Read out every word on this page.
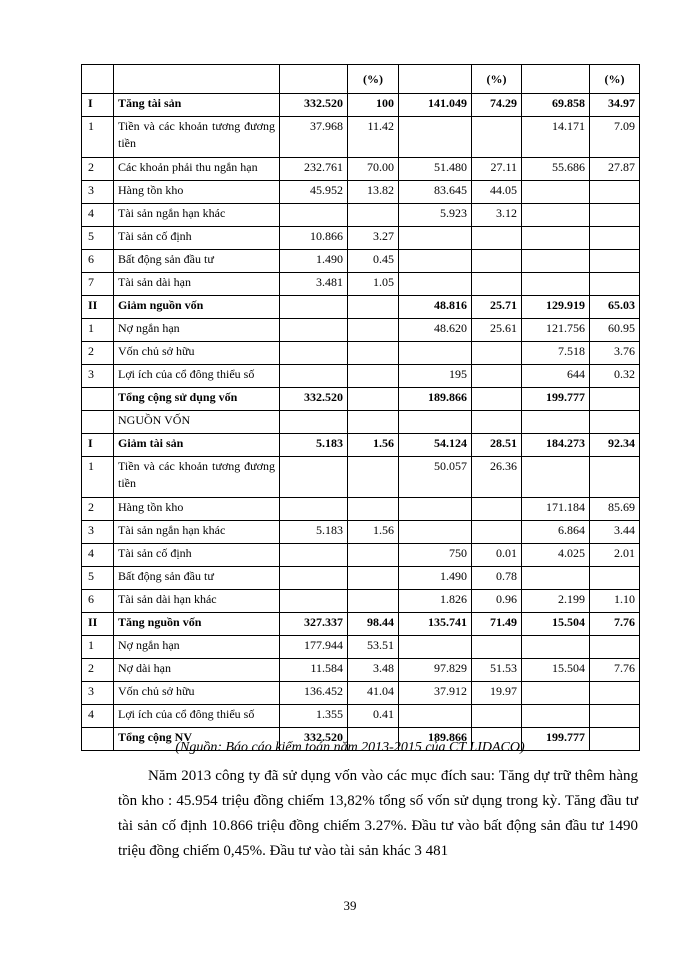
			(%)		(%)		(%)
I	Tăng tài sản	332.520	100	141.049	74.29	69.858	34.97
1	Tiền và các khoản tương đương tiền	37.968	11.42			14.171	7.09
2	Các khoản phải thu ngắn hạn	232.761	70.00	51.480	27.11	55.686	27.87
3	Hàng tồn kho	45.952	13.82	83.645	44.05		
4	Tài sản ngắn hạn khác			5.923	3.12		
5	Tài sản cố định	10.866	3.27				
6	Bất động sản đầu tư	1.490	0.45				
7	Tài sản dài hạn	3.481	1.05				
II	Giảm nguồn vốn			48.816	25.71	129.919	65.03
1	Nợ ngắn hạn			48.620	25.61	121.756	60.95
2	Vốn chủ sở hữu					7.518	3.76
3	Lợi ích của cổ đông thiểu số			195		644	0.32
	Tổng cộng sử dụng vốn	332.520		189.866		199.777	
	NGUỒN VỐN						
I	Giảm tài sản	5.183	1.56	54.124	28.51	184.273	92.34
1	Tiền và các khoản tương đương tiền			50.057	26.36		
2	Hàng tồn kho					171.184	85.69
3	Tài sản ngắn hạn khác	5.183	1.56			6.864	3.44
4	Tài sản cố định			750	0.01	4.025	2.01
5	Bất động sản đầu tư			1.490	0.78		
6	Tài sản dài hạn khác			1.826	0.96	2.199	1.10
II	Tăng nguồn vốn	327.337	98.44	135.741	71.49	15.504	7.76
1	Nợ ngắn hạn	177.944	53.51				
2	Nợ dài hạn	11.584	3.48	97.829	51.53	15.504	7.76
3	Vốn chủ sở hữu	136.452	41.04	37.912	19.97		
4	Lợi ích của cổ đông thiểu số	1.355	0.41				
	Tổng cộng NV	332.520		189.866		199.777	
(Nguồn: Báo cáo kiểm toán năm 2013-2015 của CT LIDACO)

Năm 2013 công ty đã sử dụng vốn vào các mục đích sau: Tăng dự trữ thêm hàng tồn kho : 45.954 triệu đồng chiếm 13,82% tổng số vốn sử dụng trong kỳ. Tăng đầu tư tài sản cố định 10.866 triệu đồng chiếm 3.27%. Đầu tư vào bất động sản đầu tư 1490 triệu đồng chiếm 0,45%. Đầu tư vào tài sản khác 3 481

39
